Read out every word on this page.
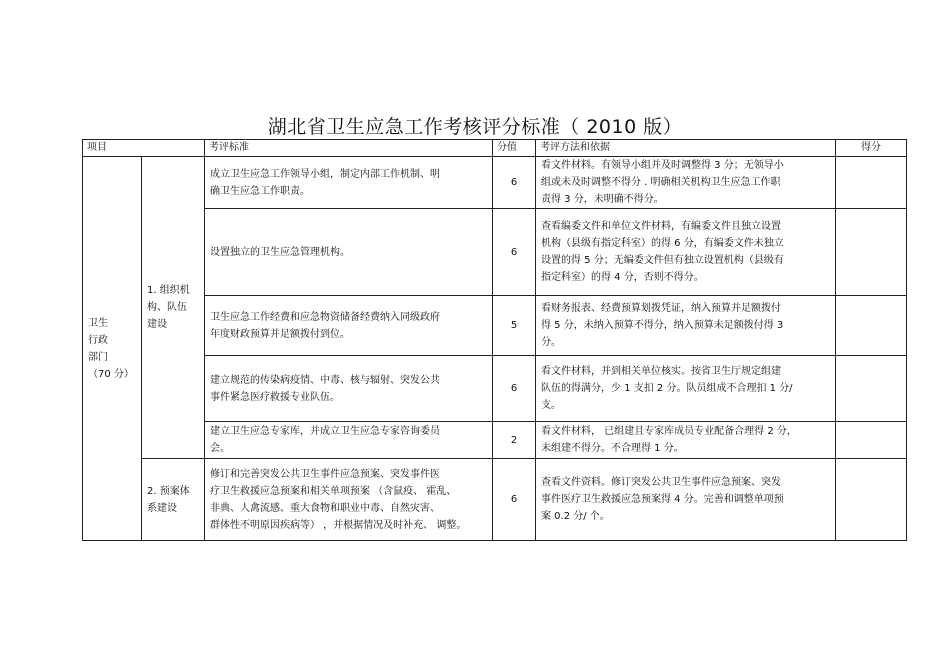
湖北省卫生应急工作考核评分标准（ 2010 版）
项目		考评标准	分值	考评方法和依据	得分
卫生
行政
部门
（70 分）	1. 组织机
构、队伍
建设	成立卫生应急工作领导小组，制定内部工作机制、明
确卫生应急工作职责。	6	看文件材料。有领导小组并及时调整得 3 分；无领导小
组或未及时调整不得分 . 明确相关机构卫生应急工作职
责得 3 分，未明确不得分。	
		设置独立的卫生应急管理机构。	6	查看编委文件和单位文件材料，有编委文件且独立设置
机构（县级有指定科室）的得 6 分，有编委文件未独立
设置的得 5 分；无编委文件但有独立设置机构（县级有
指定科室）的得 4 分，否则不得分。	
		卫生应急工作经费和应急物资储备经费纳入同级政府
年度财政预算并足额拨付到位。	5	看财务报表、经费预算划拨凭证，纳入预算并足额拨付
得 5 分，未纳入预算不得分，纳入预算未足额拨付得 3
分。	
		建立规范的传染病疫情、中毒、核与辐射、突发公共
事件紧急医疗救援专业队伍。	6	看文件材料，并到相关单位核实。按省卫生厅规定组建
队伍的得满分，少 1 支扣 2 分。队员组成不合理扣 1 分/
支。	
		建立卫生应急专家库，并成立卫生应急专家咨询委员
会。	2	看文件材料， 已组建且专家库成员专业配备合理得 2 分，
未组建不得分。不合理得 1 分。	
	2. 预案体
系建设	修订和完善突发公共卫生事件应急预案、突发事件医
疗卫生救援应急预案和相关单项预案 （含鼠疫、 霍乱、
非典、人禽流感、重大食物和职业中毒、自然灾害、
群体性不明原因疾病等） ，并根据情况及时补充、 调整。	6	查看文件资料。修订突发公共卫生事件应急预案、突发
事件医疗卫生救援应急预案得 4 分。完善和调整单项预
案 0.2 分/ 个。	
